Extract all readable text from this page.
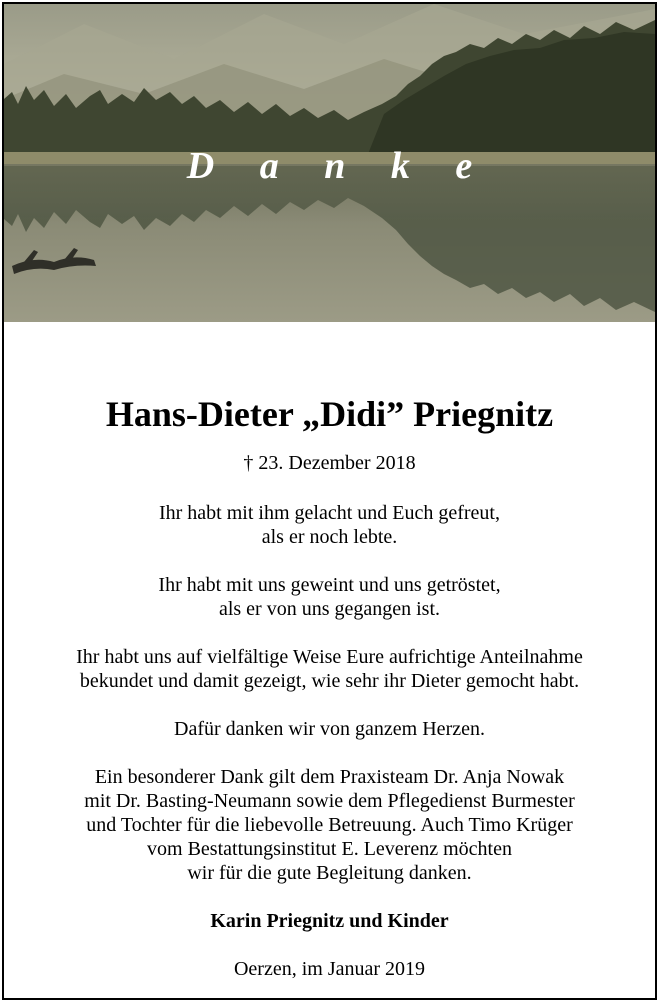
D a n k e
Hans-Dieter „Didi” Priegnitz
† 23. Dezember 2018
Ihr habt mit ihm gelacht und Euch gefreut,
als er noch lebte.
Ihr habt mit uns geweint und uns getröstet,
als er von uns gegangen ist.
Ihr habt uns auf vielfältige Weise Eure aufrichtige Anteilnahme
bekundet und damit gezeigt, wie sehr ihr Dieter gemocht habt.
Dafür danken wir von ganzem Herzen.
Ein besonderer Dank gilt dem Praxisteam Dr. Anja Nowak
mit Dr. Basting-Neumann sowie dem Pflegedienst Burmester
und Tochter für die liebevolle Betreuung. Auch Timo Krüger
vom Bestattungsinstitut E. Leverenz möchten
wir für die gute Begleitung danken.
Karin Priegnitz und Kinder
Oerzen, im Januar 2019
